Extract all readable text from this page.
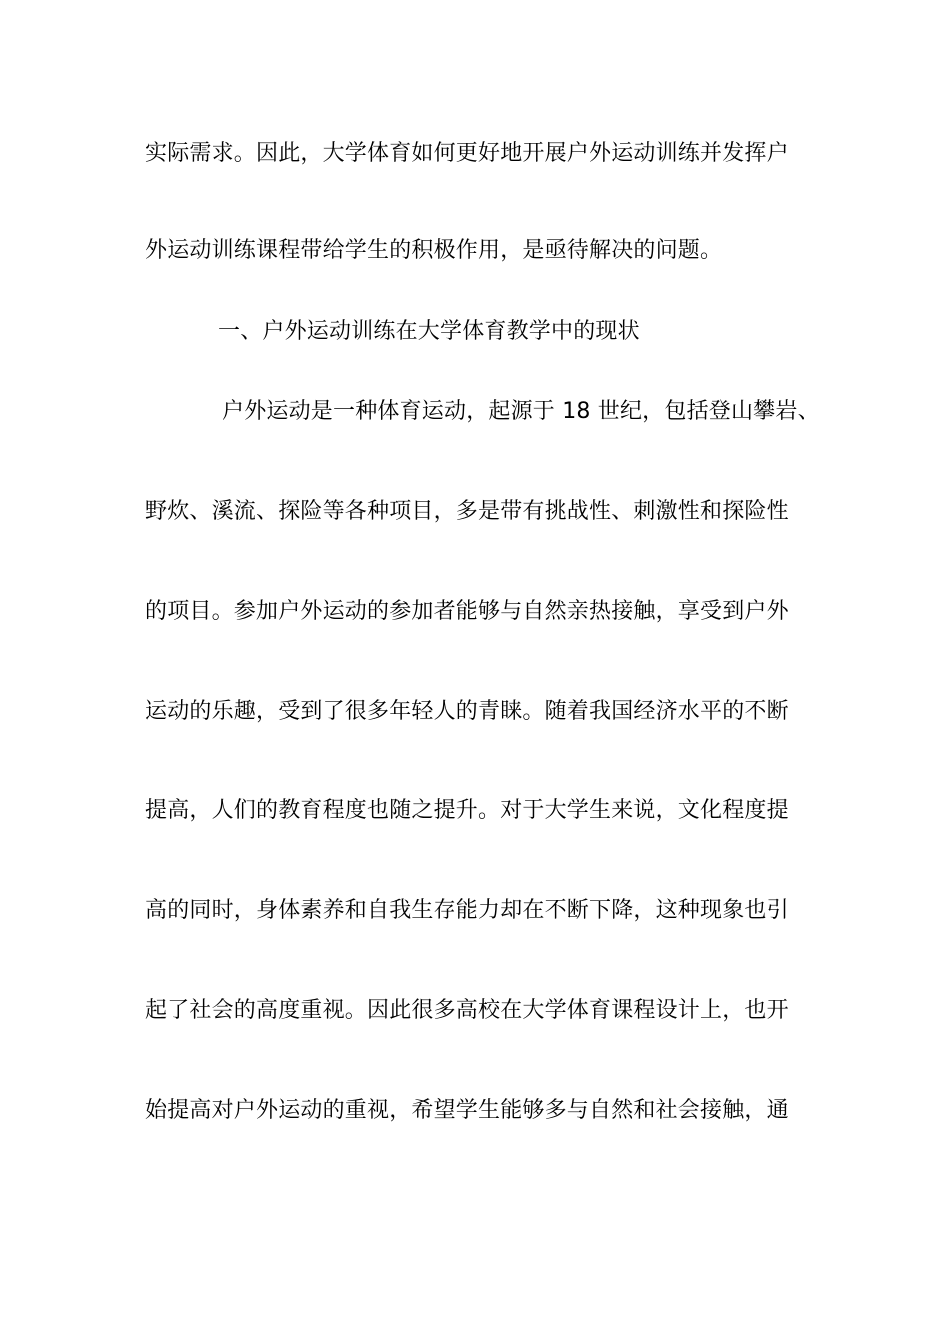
实际需求。因此，大学体育如何更好地开展户外运动训练并发挥户
外运动训练课程带给学生的积极作用，是亟待解决的问题。
一、户外运动训练在大学体育教学中的现状
户外运动是一种体育运动，起源于 18 世纪，包括登山攀岩、
野炊、溪流、探险等各种项目，多是带有挑战性、刺激性和探险性
的项目。参加户外运动的参加者能够与自然亲热接触，享受到户外
运动的乐趣，受到了很多年轻人的青睐。随着我国经济水平的不断
提高，人们的教育程度也随之提升。对于大学生来说，文化程度提
高的同时，身体素养和自我生存能力却在不断下降，这种现象也引
起了社会的高度重视。因此很多高校在大学体育课程设计上，也开
始提高对户外运动的重视，希望学生能够多与自然和社会接触，通
